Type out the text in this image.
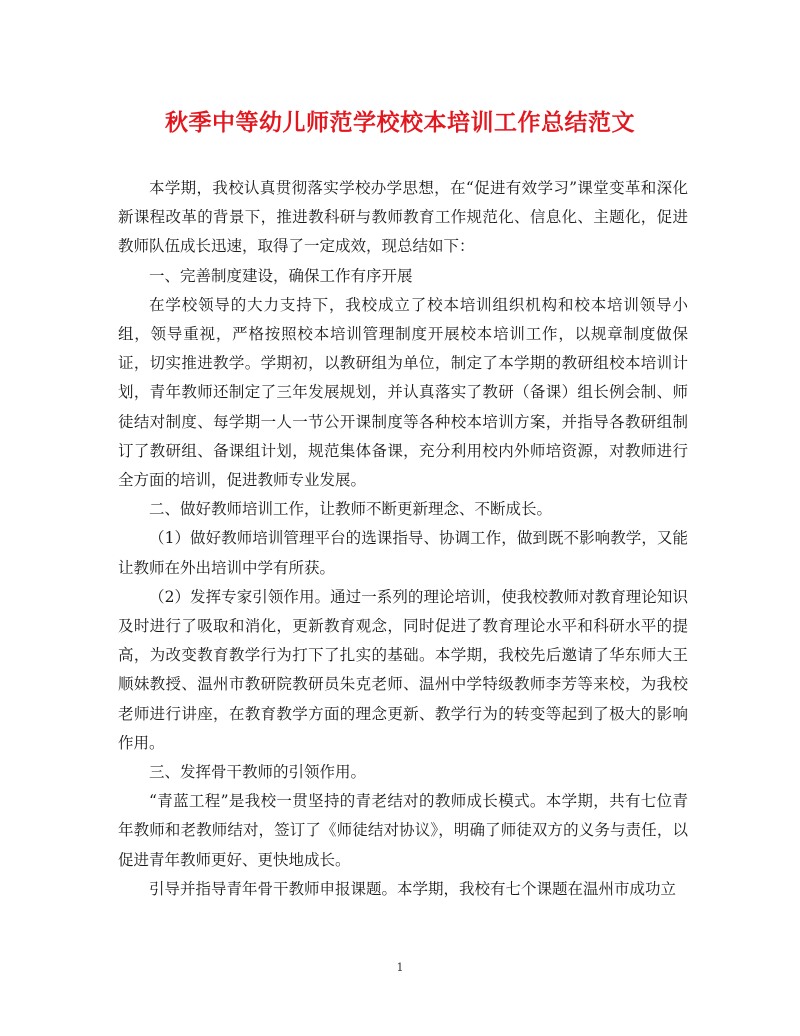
秋季中等幼儿师范学校校本培训工作总结范文

本学期，我校认真贯彻落实学校办学思想，在“促进有效学习”课堂变革和深化新课程改革的背景下，推进教科研与教师教育工作规范化、信息化、主题化，促进教师队伍成长迅速，取得了一定成效，现总结如下：

一、完善制度建设，确保工作有序开展

在学校领导的大力支持下，我校成立了校本培训组织机构和校本培训领导小组，领导重视，严格按照校本培训管理制度开展校本培训工作，以规章制度做保证，切实推进教学。学期初，以教研组为单位，制定了本学期的教研组校本培训计划，青年教师还制定了三年发展规划，并认真落实了教研（备课）组长例会制、师徒结对制度、每学期一人一节公开课制度等各种校本培训方案，并指导各教研组制订了教研组、备课组计划，规范集体备课，充分利用校内外师培资源，对教师进行全方面的培训，促进教师专业发展。

二、做好教师培训工作，让教师不断更新理念、不断成长。

（1）做好教师培训管理平台的选课指导、协调工作，做到既不影响教学，又能让教师在外出培训中学有所获。

（2）发挥专家引领作用。通过一系列的理论培训，使我校教师对教育理论知识及时进行了吸取和消化，更新教育观念，同时促进了教育理论水平和科研水平的提高，为改变教育教学行为打下了扎实的基础。本学期，我校先后邀请了华东师大王顺妹教授、温州市教研院教研员朱克老师、温州中学特级教师李芳等来校，为我校老师进行讲座，在教育教学方面的理念更新、教学行为的转变等起到了极大的影响作用。

三、发挥骨干教师的引领作用。

“青蓝工程”是我校一贯坚持的青老结对的教师成长模式。本学期，共有七位青年教师和老教师结对，签订了《师徒结对协议》，明确了师徒双方的义务与责任，以促进青年教师更好、更快地成长。

引导并指导青年骨干教师申报课题。本学期，我校有七个课题在温州市成功立

1
